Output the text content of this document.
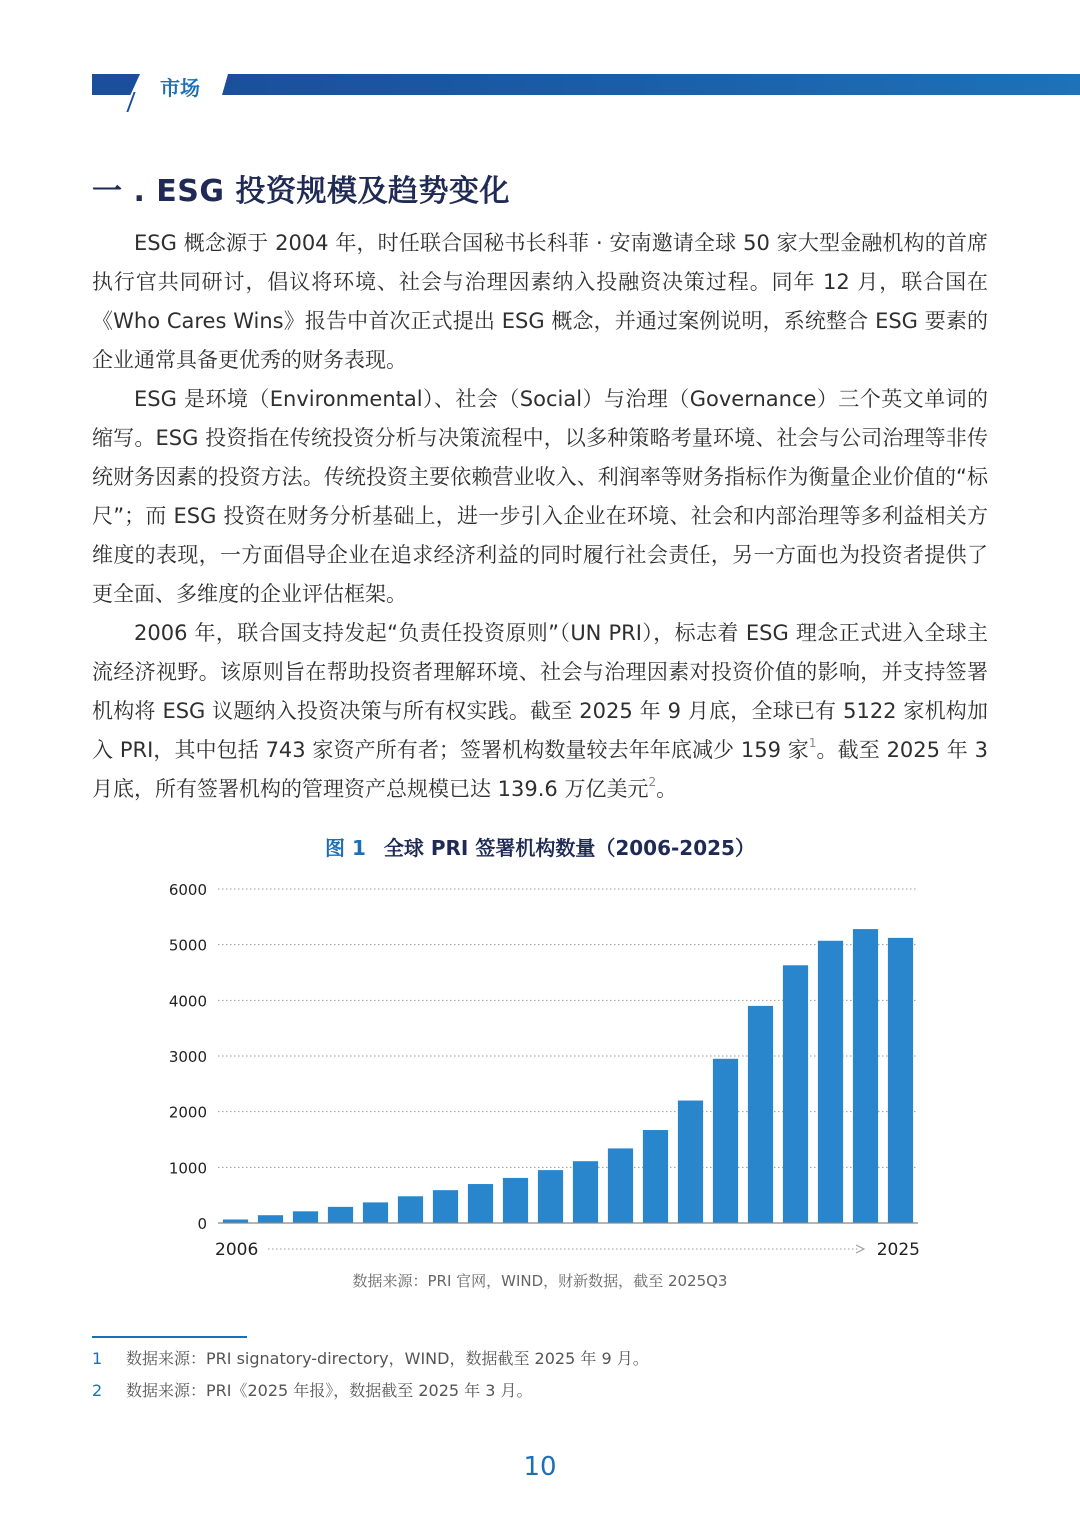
市场
一 . ESG 投资规模及趋势变化

ESG 概念源于 2004 年，时任联合国秘书长科菲 · 安南邀请全球 50 家大型金融机构的首席执行官共同研讨，倡议将环境、社会与治理因素纳入投融资决策过程。同年 12 月，联合国在《Who Cares Wins》报告中首次正式提出 ESG 概念，并通过案例说明，系统整合 ESG 要素的企业通常具备更优秀的财务表现。

ESG 是环境（Environmental）、社会（Social）与治理（Governance）三个英文单词的缩写。ESG 投资指在传统投资分析与决策流程中，以多种策略考量环境、社会与公司治理等非传统财务因素的投资方法。传统投资主要依赖营业收入、利润率等财务指标作为衡量企业价值的“标尺”；而 ESG 投资在财务分析基础上，进一步引入企业在环境、社会和内部治理等多利益相关方维度的表现，一方面倡导企业在追求经济利益的同时履行社会责任，另一方面也为投资者提供了更全面、多维度的企业评估框架。

2006 年，联合国支持发起“负责任投资原则”（UN PRI），标志着 ESG 理念正式进入全球主流经济视野。该原则旨在帮助投资者理解环境、社会与治理因素对投资价值的影响，并支持签署机构将 ESG 议题纳入投资决策与所有权实践。截至 2025 年 9 月底，全球已有 5122 家机构加入 PRI，其中包括 743 家资产所有者；签署机构数量较去年年底减少 159 家$^1$。截至 2025 年 3 月底，所有签署机构的管理资产总规模已达 139.6 万亿美元$^2$。

图 1 全球 PRI 签署机构数量（2006-2025）
0
1000
2000
3000
4000
5000
6000
2006	2025
数据来源：PRI 官网，WIND，财新数据，截至 2025Q3
1 数据来源：PRI signatory-directory，WIND，数据截至 2025 年 9 月。
2 数据来源：PRI《2025 年报》，数据截至 2025 年 3 月。
10
